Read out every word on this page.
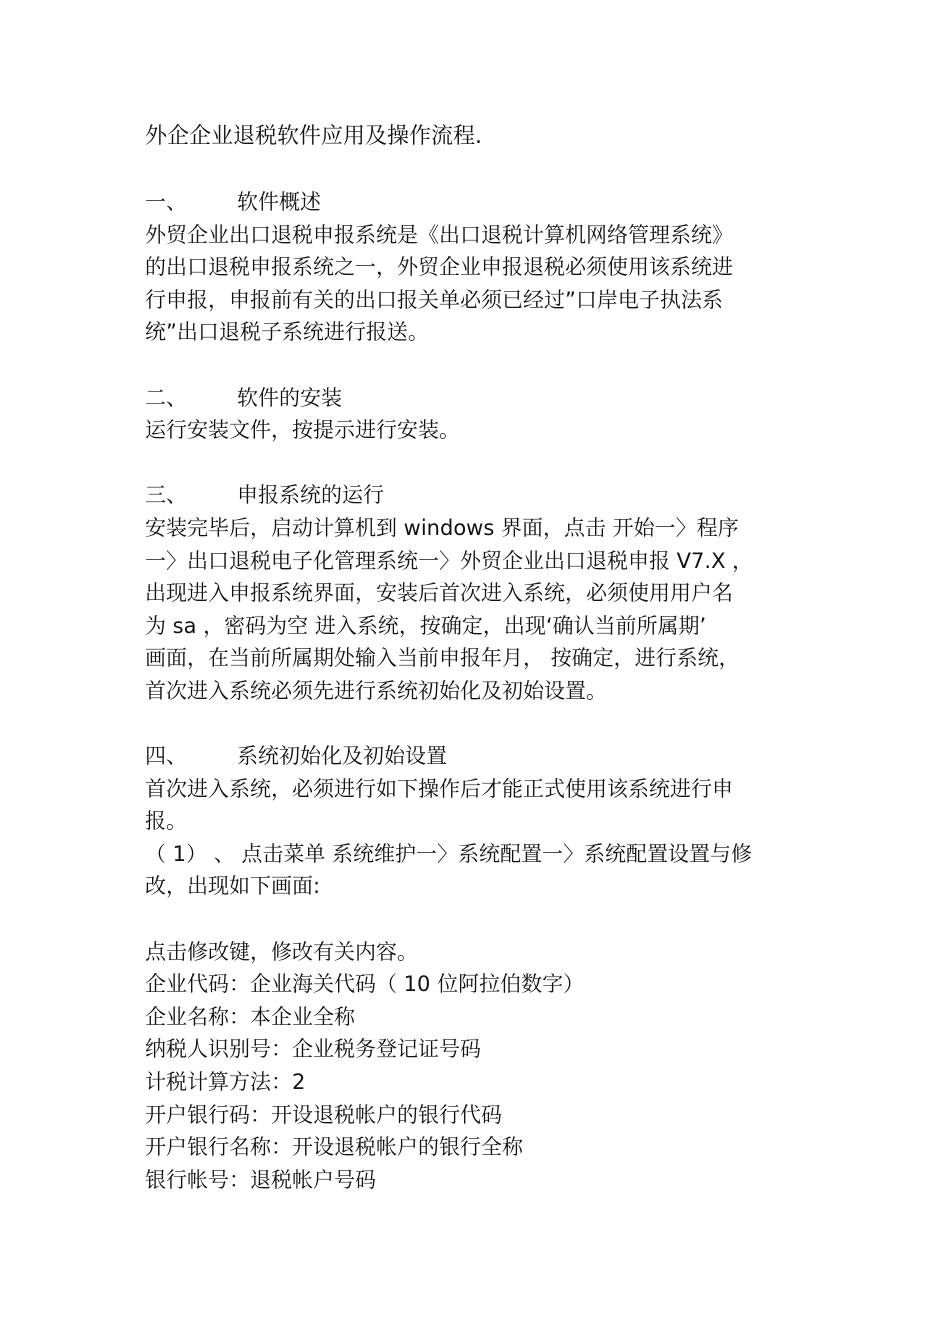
外企企业退税软件应用及操作流程.
一、	软件概述

外贸企业出口退税申报系统是《出口退税计算机网络管理系统》

的出口退税申报系统之一，外贸企业申报退税必须使用该系统进

行申报，申报前有关的出口报关单必须已经过”口岸电子执法系

统”出口退税子系统进行报送。

二、	软件的安装

运行安装文件，按提示进行安装。

三、	申报系统的运行

安装完毕后，启动计算机到 windows 界面，点击 开始一〉程序

一〉出口退税电子化管理系统一〉外贸企业出口退税申报 V7.X ，

出现进入申报系统界面，安装后首次进入系统，必须使用用户名

为 sa ，密码为空 进入系统，按确定，出现‘确认当前所属期’

画面，在当前所属期处输入当前申报年月， 按确定，进行系统，

首次进入系统必须先进行系统初始化及初始设置。

四、	系统初始化及初始设置

首次进入系统，必须进行如下操作后才能正式使用该系统进行申

报。

（ 1） 、 点击菜单 系统维护一〉系统配置一〉系统配置设置与修

改，出现如下画面:

点击修改键，修改有关内容。

企业代码：企业海关代码（ 10 位阿拉伯数字）

企业名称：本企业全称

纳税人识别号：企业税务登记证号码

计税计算方法：2

开户银行码：开设退税帐户的银行代码

开户银行名称：开设退税帐户的银行全称

银行帐号：退税帐户号码
